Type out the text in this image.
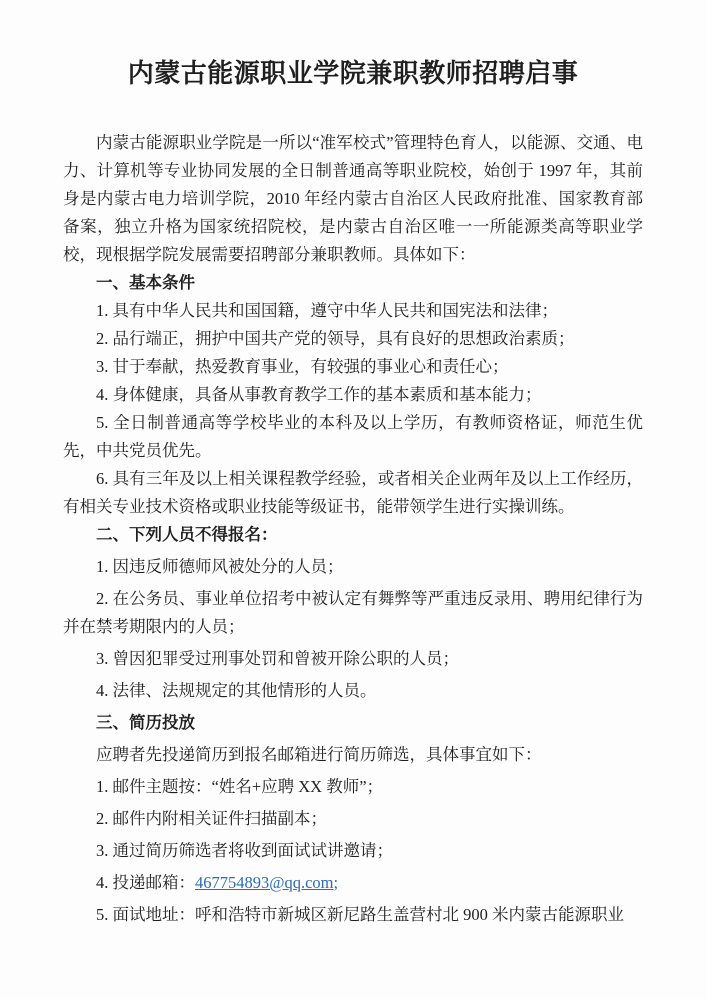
内蒙古能源职业学院兼职教师招聘启事

内蒙古能源职业学院是一所以“准军校式”管理特色育人，以能源、交通、电力、计算机等专业协同发展的全日制普通高等职业院校，始创于 1997 年，其前身是内蒙古电力培训学院，2010 年经内蒙古自治区人民政府批准、国家教育部备案，独立升格为国家统招院校，是内蒙古自治区唯一一所能源类高等职业学校，现根据学院发展需要招聘部分兼职教师。具体如下：

一、基本条件

1. 具有中华人民共和国国籍，遵守中华人民共和国宪法和法律；

2. 品行端正，拥护中国共产党的领导，具有良好的思想政治素质；

3. 甘于奉献，热爱教育事业，有较强的事业心和责任心；

4. 身体健康，具备从事教育教学工作的基本素质和基本能力；

5. 全日制普通高等学校毕业的本科及以上学历，有教师资格证，师范生优先，中共党员优先。

6. 具有三年及以上相关课程教学经验，或者相关企业两年及以上工作经历，有相关专业技术资格或职业技能等级证书，能带领学生进行实操训练。

二、下列人员不得报名：

1. 因违反师德师风被处分的人员；

2. 在公务员、事业单位招考中被认定有舞弊等严重违反录用、聘用纪律行为并在禁考期限内的人员；

3. 曾因犯罪受过刑事处罚和曾被开除公职的人员；

4. 法律、法规规定的其他情形的人员。

三、简历投放

应聘者先投递简历到报名邮箱进行简历筛选，具体事宜如下：

1. 邮件主题按：“姓名+应聘 XX 教师”；

2. 邮件内附相关证件扫描副本；

3. 通过简历筛选者将收到面试试讲邀请；

4. 投递邮箱：467754893@qq.com;

5. 面试地址：呼和浩特市新城区新尼路生盖营村北 900 米内蒙古能源职业
